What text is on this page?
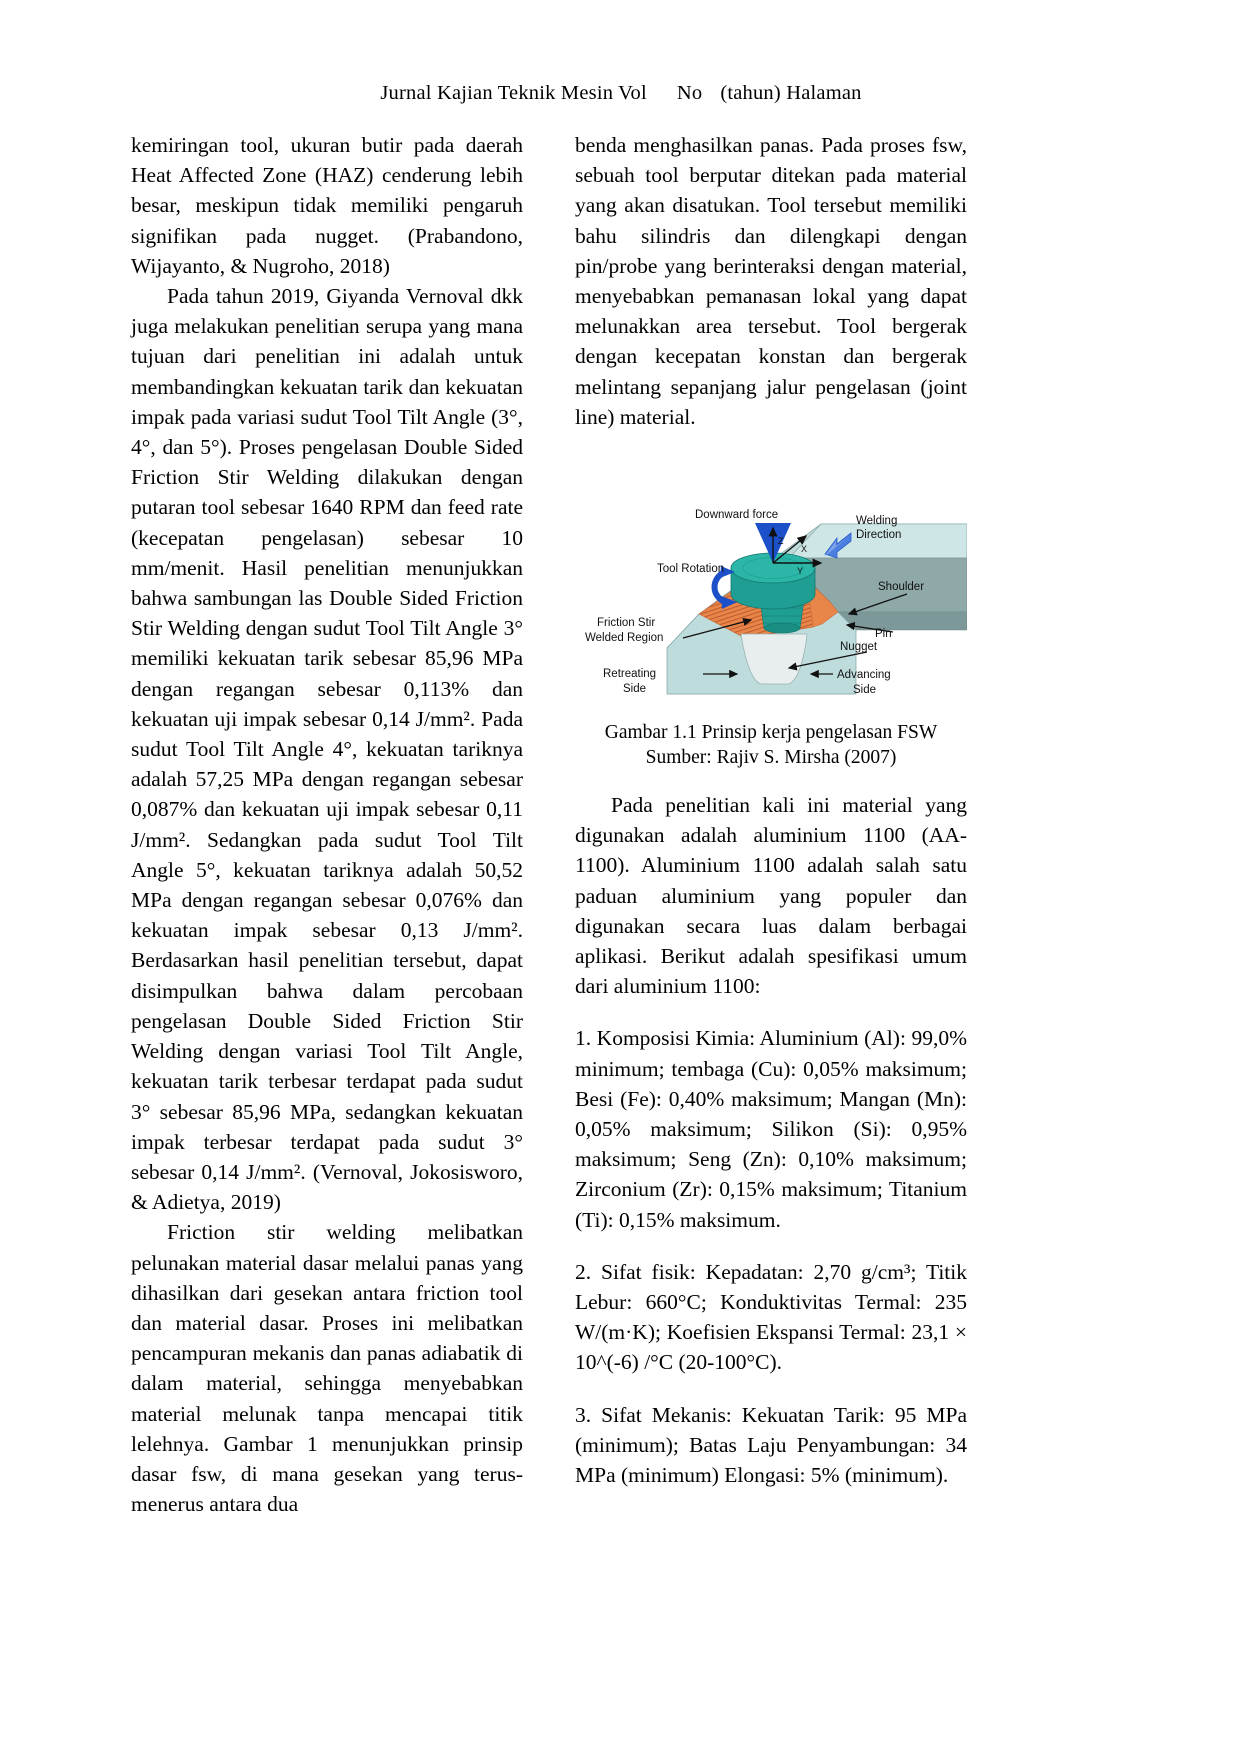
Jurnal Kajian Teknik Mesin Vol No (tahun) Halaman

kemiringan tool, ukuran butir pada daerah Heat Affected Zone (HAZ) cenderung lebih besar, meskipun tidak memiliki pengaruh signifikan pada nugget. (Prabandono, Wijayanto, & Nugroho, 2018)

Pada tahun 2019, Giyanda Vernoval dkk juga melakukan penelitian serupa yang mana tujuan dari penelitian ini adalah untuk membandingkan kekuatan tarik dan kekuatan impak pada variasi sudut Tool Tilt Angle (3°, 4°, dan 5°). Proses pengelasan Double Sided Friction Stir Welding dilakukan dengan putaran tool sebesar 1640 RPM dan feed rate (kecepatan pengelasan) sebesar 10 mm/menit. Hasil penelitian menunjukkan bahwa sambungan las Double Sided Friction Stir Welding dengan sudut Tool Tilt Angle 3° memiliki kekuatan tarik sebesar 85,96 MPa dengan regangan sebesar 0,113% dan kekuatan uji impak sebesar 0,14 J/mm². Pada sudut Tool Tilt Angle 4°, kekuatan tariknya adalah 57,25 MPa dengan regangan sebesar 0,087% dan kekuatan uji impak sebesar 0,11 J/mm². Sedangkan pada sudut Tool Tilt Angle 5°, kekuatan tariknya adalah 50,52 MPa dengan regangan sebesar 0,076% dan kekuatan impak sebesar 0,13 J/mm². Berdasarkan hasil penelitian tersebut, dapat disimpulkan bahwa dalam percobaan pengelasan Double Sided Friction Stir Welding dengan variasi Tool Tilt Angle, kekuatan tarik terbesar terdapat pada sudut 3° sebesar 85,96 MPa, sedangkan kekuatan impak terbesar terdapat pada sudut 3° sebesar 0,14 J/mm². (Vernoval, Jokosisworo, & Adietya, 2019)

Friction stir welding melibatkan pelunakan material dasar melalui panas yang dihasilkan dari gesekan antara friction tool dan material dasar. Proses ini melibatkan pencampuran mekanis dan panas adiabatik di dalam material, sehingga menyebabkan material melunak tanpa mencapai titik lelehnya. Gambar 1 menunjukkan prinsip dasar fsw, di mana gesekan yang terus-menerus antara dua

benda menghasilkan panas. Pada proses fsw, sebuah tool berputar ditekan pada material yang akan disatukan. Tool tersebut memiliki bahu silindris dan dilengkapi dengan pin/probe yang berinteraksi dengan material, menyebabkan pemanasan lokal yang dapat melunakkan area tersebut. Tool bergerak dengan kecepatan konstan dan bergerak melintang sepanjang jalur pengelasan (joint line) material.

Z
X
Y
Downward force	Welding
Direction
Tool Rotation
Shoulder
Pin
Nugget
Friction Stir
Welded Region
Retreating
Side
Advancing
Side
Gambar 1.1 Prinsip kerja pengelasan FSW
Sumber: Rajiv S. Mirsha (2007)

Pada penelitian kali ini material yang digunakan adalah aluminium 1100 (AA-1100). Aluminium 1100 adalah salah satu paduan aluminium yang populer dan digunakan secara luas dalam berbagai aplikasi. Berikut adalah spesifikasi umum dari aluminium 1100:

1. Komposisi Kimia: Aluminium (Al): 99,0% minimum; tembaga (Cu): 0,05% maksimum; Besi (Fe): 0,40% maksimum; Mangan (Mn): 0,05% maksimum; Silikon (Si): 0,95% maksimum; Seng (Zn): 0,10% maksimum; Zirconium (Zr): 0,15% maksimum; Titanium (Ti): 0,15% maksimum.

2. Sifat fisik: Kepadatan: 2,70 g/cm³; Titik Lebur: 660°C; Konduktivitas Termal: 235 W/(m·K); Koefisien Ekspansi Termal: 23,1 × 10^(-6) /°C (20-100°C).

3. Sifat Mekanis: Kekuatan Tarik: 95 MPa (minimum); Batas Laju Penyambungan: 34 MPa (minimum) Elongasi: 5% (minimum).
